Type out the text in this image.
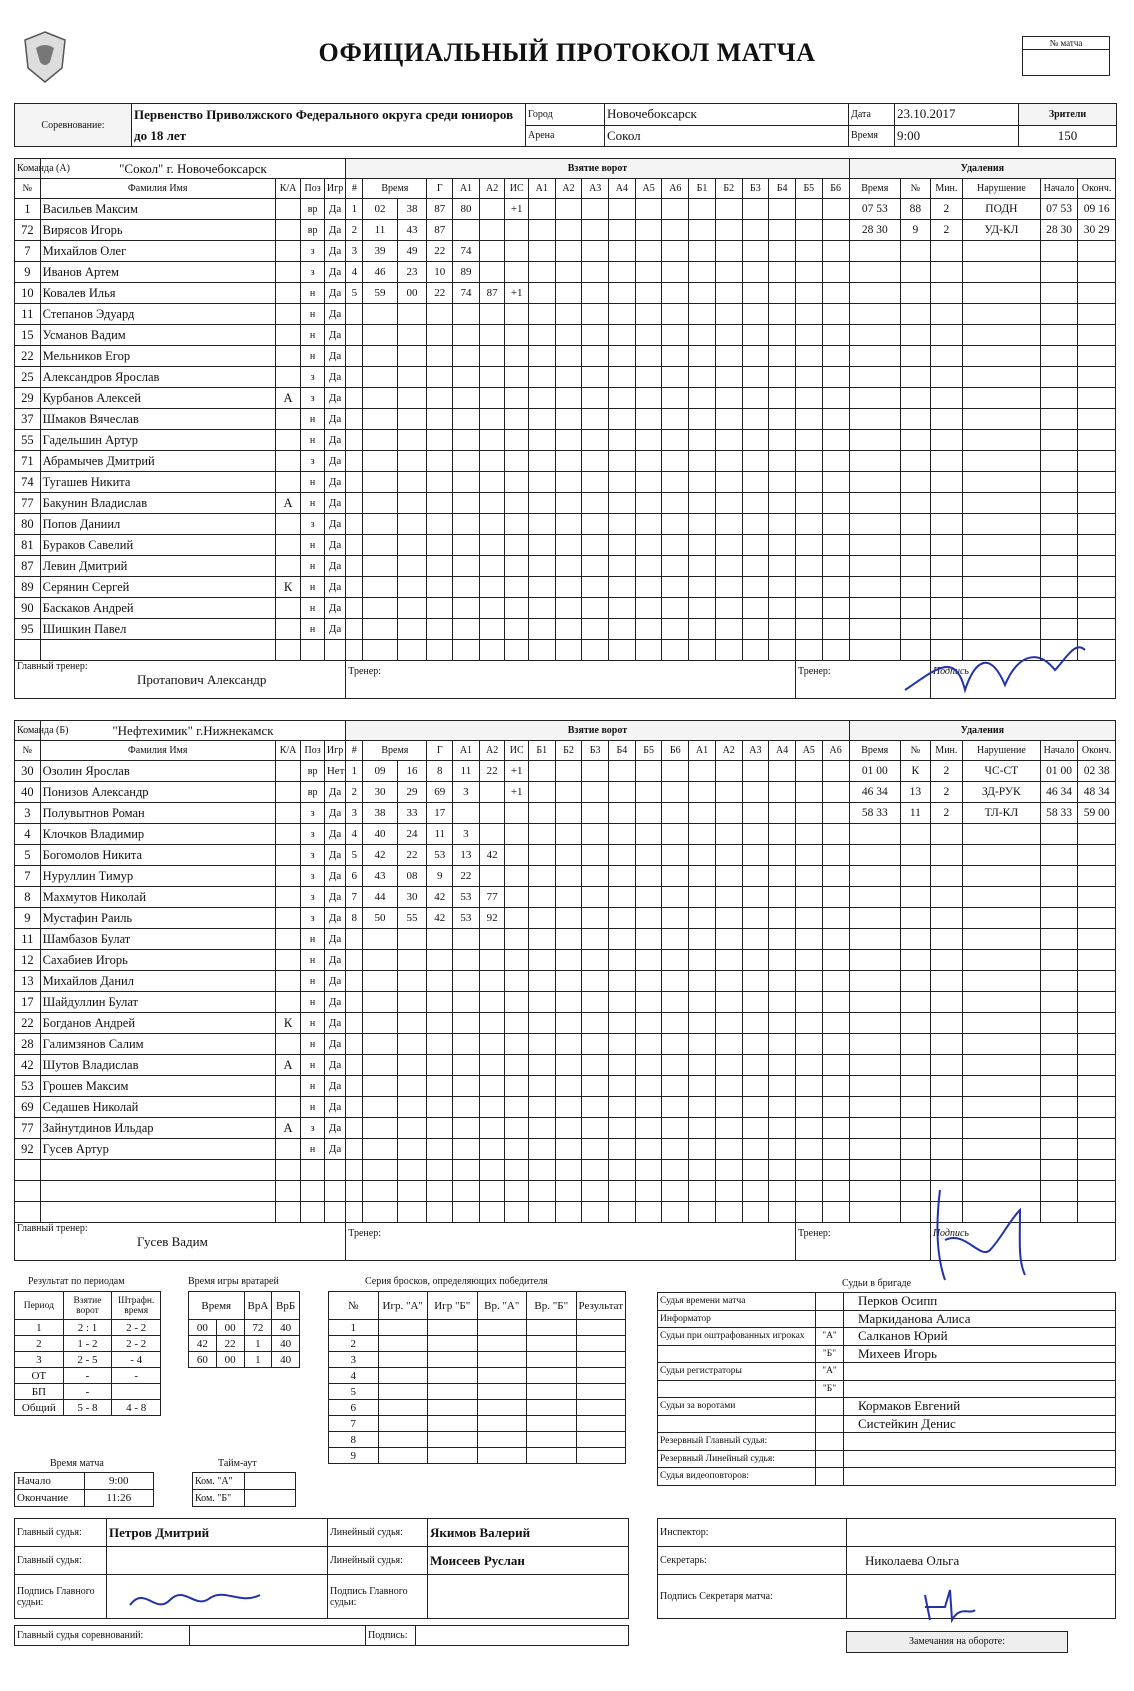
ОФИЦИАЛЬНЫЙ ПРОТОКОЛ МАТЧА	№ матча
Соревнование:	Первенство Приволжского Федерального округа среди юниоров до 18 лет	Город	Новочебоксарск	Дата	23.10.2017	Зрители
		Арена	Сокол	Время	9:00	150
Команда (А)	"Сокол" г. Новочебоксарск				Взятие ворот																			Удаления					
№	Фамилия Имя	К/А	Поз	Игр	#	Время		Г	А1	А2	ИС	А1	А2	А3	А4	А5	А6	Б1	Б2	Б3	Б4	Б5	Б6	Время	№	Мин.	Нарушение	Начало	Оконч.
1	Васильев Максим		вр	Да	1	02	38	87	80		+1													07 53	88	2	ПОДН	07 53	09 16
72	Вирясов Игорь		вр	Да	2	11	43	87																28 30	9	2	УД-КЛ	28 30	30 29
7	Михайлов Олег		з	Да	3	39	49	22	74																				
9	Иванов Артем		з	Да	4	46	23	10	89																				
10	Ковалев Илья		н	Да	5	59	00	22	74	87	+1																		
11	Степанов Эдуард		н	Да																									
15	Усманов Вадим		н	Да																									
22	Мельников Егор		н	Да																									
25	Александров Ярослав		з	Да																									
29	Курбанов Алексей	А	з	Да																									
37	Шмаков Вячеслав		н	Да																									
55	Гадельшин Артур		н	Да																									
71	Абрамычев Дмитрий		з	Да																									
74	Тугашев Никита		н	Да																									
77	Бакунин Владислав	А	н	Да																									
80	Попов Даниил		з	Да																									
81	Бураков Савелий		н	Да																									
87	Левин Дмитрий		н	Да																									
89	Серянин Сергей	К	н	Да																									
90	Баскаков Андрей		н	Да																									
95	Шишкин Павел		н	Да																									

Главный тренер:
Протапович Александр					Тренер:																	Тренер:				Подпись			
Команда (Б)	"Нефтехимик" г.Нижнекамск				Взятие ворот																			Удаления					
№	Фамилия Имя	К/А	Поз	Игр	#	Время		Г	А1	А2	ИС	Б1	Б2	Б3	Б4	Б5	Б6	А1	А2	А3	А4	А5	А6	Время	№	Мин.	Нарушение	Начало	Оконч.
30	Озолин Ярослав		вр	Нет	1	09	16	8	11	22	+1													01 00	К	2	ЧС-СТ	01 00	02 38
40	Понизов Александр		вр	Да	2	30	29	69	3		+1													46 34	13	2	ЗД-РУК	46 34	48 34
3	Полувытнов Роман		з	Да	3	38	33	17																58 33	11	2	ТЛ-КЛ	58 33	59 00
4	Клочков Владимир		з	Да	4	40	24	11	3																				
5	Богомолов Никита		з	Да	5	42	22	53	13	42																			
7	Нуруллин Тимур		з	Да	6	43	08	9	22																				
8	Махмутов Николай		з	Да	7	44	30	42	53	77																			
9	Мустафин Раиль		з	Да	8	50	55	42	53	92																			
11	Шамбазов Булат		н	Да																									
12	Сахабиев Игорь		н	Да																									
13	Михайлов Данил		н	Да																									
17	Шайдуллин Булат		н	Да																									
22	Богданов Андрей	К	н	Да																									
28	Галимзянов Салим		н	Да																									
42	Шутов Владислав	А	н	Да																									
53	Грошев Максим		н	Да																									
69	Седашев Николай		н	Да																									
77	Зайнутдинов Ильдар	А	з	Да																									
92	Гусев Артур		н	Да																									

Главный тренер:
Гусев Вадим					Тренер:																	Тренер:				Подпись			
Результат по периодам
Период	Взятие ворот	Штрафн. время
1	2 : 1	2 - 2
2	1 - 2	2 - 2
3	2 - 5	- 4
ОТ	-	-
БП	-	
Общий	5 - 8	4 - 8
Время игры вратарей
Время		ВрА	ВрБ
00	00	72	40
42	22	1	40
60	00	1	40
Серия бросков, определяющих победителя
№	Игр. "А"	Игр "Б"	Вр. "А"	Вр. "Б"	Результат
1					
2					
3					
4					
5					
6					
7					
8					
9					
Время матча
Начало	9:00
Окончание	11:26
Тайм-аут
Ком. "А"	
Ком. "Б"	
Судьи в бригаде
Судья времени матча		Перков Осипп
Информатор		Маркиданова Алиса
Судьи при оштрафованных игроках	"А"	Салканов Юрий
	"Б"	Михеев Игорь
Судьи регистраторы	"А"	
	"Б"	
Судьи за воротами		Кормаков Евгений
		Систейкин Денис
Резервный Главный судья:		
Резервный Линейный судья:		
Судья видеоповторов:		
Главный судья:	Петров Дмитрий	Линейный судья:	Якимов Валерий
Главный судья:		Линейный судья:	Моисеев Руслан
Подпись Главного судьи:		Подпись Главного судьи:	
Главный судья соревнований:		Подпись:	
Инспектор:	
Секретарь:	Николаева Ольга
Подпись Секретаря матча:	
Замечания на обороте:
